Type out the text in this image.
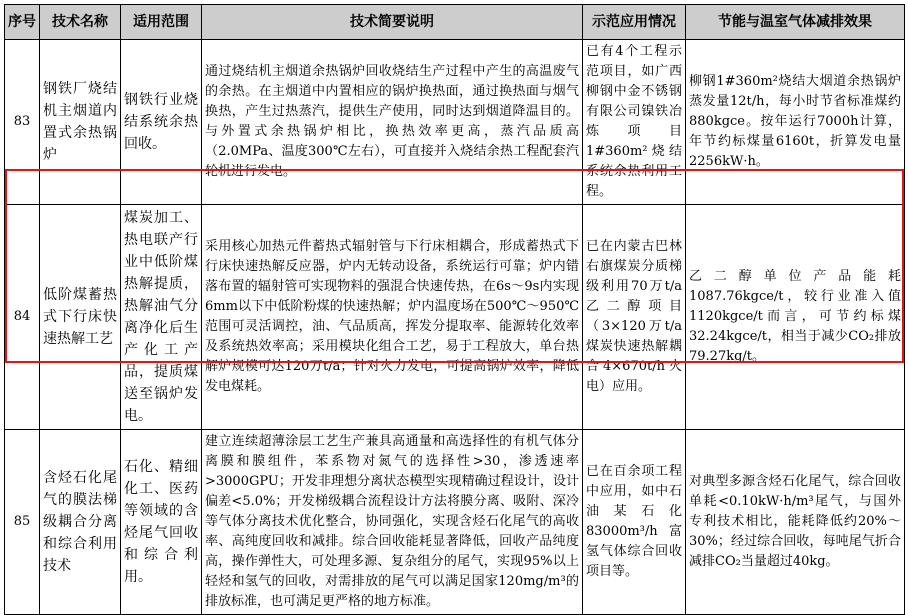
序号	技术名称	适用范围	技术简要说明	示范应用情况	节能与温室气体减排效果
83	钢铁厂烧结机主烟道内置式余热锅炉	钢铁行业烧结系统余热回收。	通过烧结机主烟道余热锅炉回收烧结生产过程中产生的高温废气的余热。在主烟道中内置相应的锅炉换热面，通过换热面与烟气换热，产生过热蒸汽，提供生产使用，同时达到烟道降温目的。与外置式余热锅炉相比，换热效率更高，蒸汽品质高（2.0MPa、温度300℃左右），可直接并入烧结余热工程配套汽轮机进行发电。	已有4个工程示范项目，如广西柳钢中金不锈钢有限公司镍铁冶炼项目1#360m²烧结系统余热利用工程。	柳钢1#360m²烧结大烟道余热锅炉蒸发量12t/h，每小时节省标准煤约880kgce。按年运行7000h计算，年节约标煤量6160t，折算发电量2256kW·h。
84	低阶煤蓄热式下行床快速热解工艺	煤炭加工、热电联产行业中低阶煤热解提质，热解油气分离净化后生产化工产品，提质煤送至锅炉发电。	采用核心加热元件蓄热式辐射管与下行床相耦合，形成蓄热式下行床快速热解反应器，炉内无转动设备，系统运行可靠；炉内错落布置的辐射管可实现物料的强混合快速传热，在6s～9s内实现6mm以下中低阶粉煤的快速热解；炉内温度场在500℃～950℃范围可灵活调控，油、气品质高，挥发分提取率、能源转化效率及系统热效率高；采用模块化组合工艺，易于工程放大，单台热解炉规模可达120万t/a；针对火力发电，可提高锅炉效率，降低发电煤耗。	已在内蒙古巴林右旗煤炭分质梯级利用70万t/a乙二醇项目（3×120万t/a煤炭快速热解耦合4×670t/h火电）应用。	乙二醇单位产品能耗1087.76kgce/t，较行业准入值1120kgce/t而言，可节约标煤32.24kgce/t，相当于减少CO₂排放79.27kg/t。
85	含烃石化尾气的膜法梯级耦合分离和综合利用技术	石化、精细化工、医药等领域的含烃尾气回收和综合利用。	建立连续超薄涂层工艺生产兼具高通量和高选择性的有机气体分离膜和膜组件，苯系物对氮气的选择性>30，渗透速率>3000GPU；开发非理想分离状态模型实现精确过程设计，设计偏差<5.0%；开发梯级耦合流程设计方法将膜分离、吸附、深冷等气体分离技术优化整合，协同强化，实现含烃石化尾气的高收率、高纯度回收和减排。综合回收能耗显著降低，回收产品纯度高，操作弹性大，可处理多源、复杂组分的尾气，实现95%以上轻烃和氢气的回收，对需排放的尾气可以满足国家120mg/m³的排放标准，也可满足更严格的地方标准。	已在百余项工程中应用，如中石油某石化83000m³/h富氢气体综合回收项目等。	对典型多源含烃石化尾气，综合回收单耗<0.10kW·h/m³尾气，与国外专利技术相比，能耗降低约20%～30%；经过综合回收，每吨尾气折合减排CO₂当量超过40kg。
